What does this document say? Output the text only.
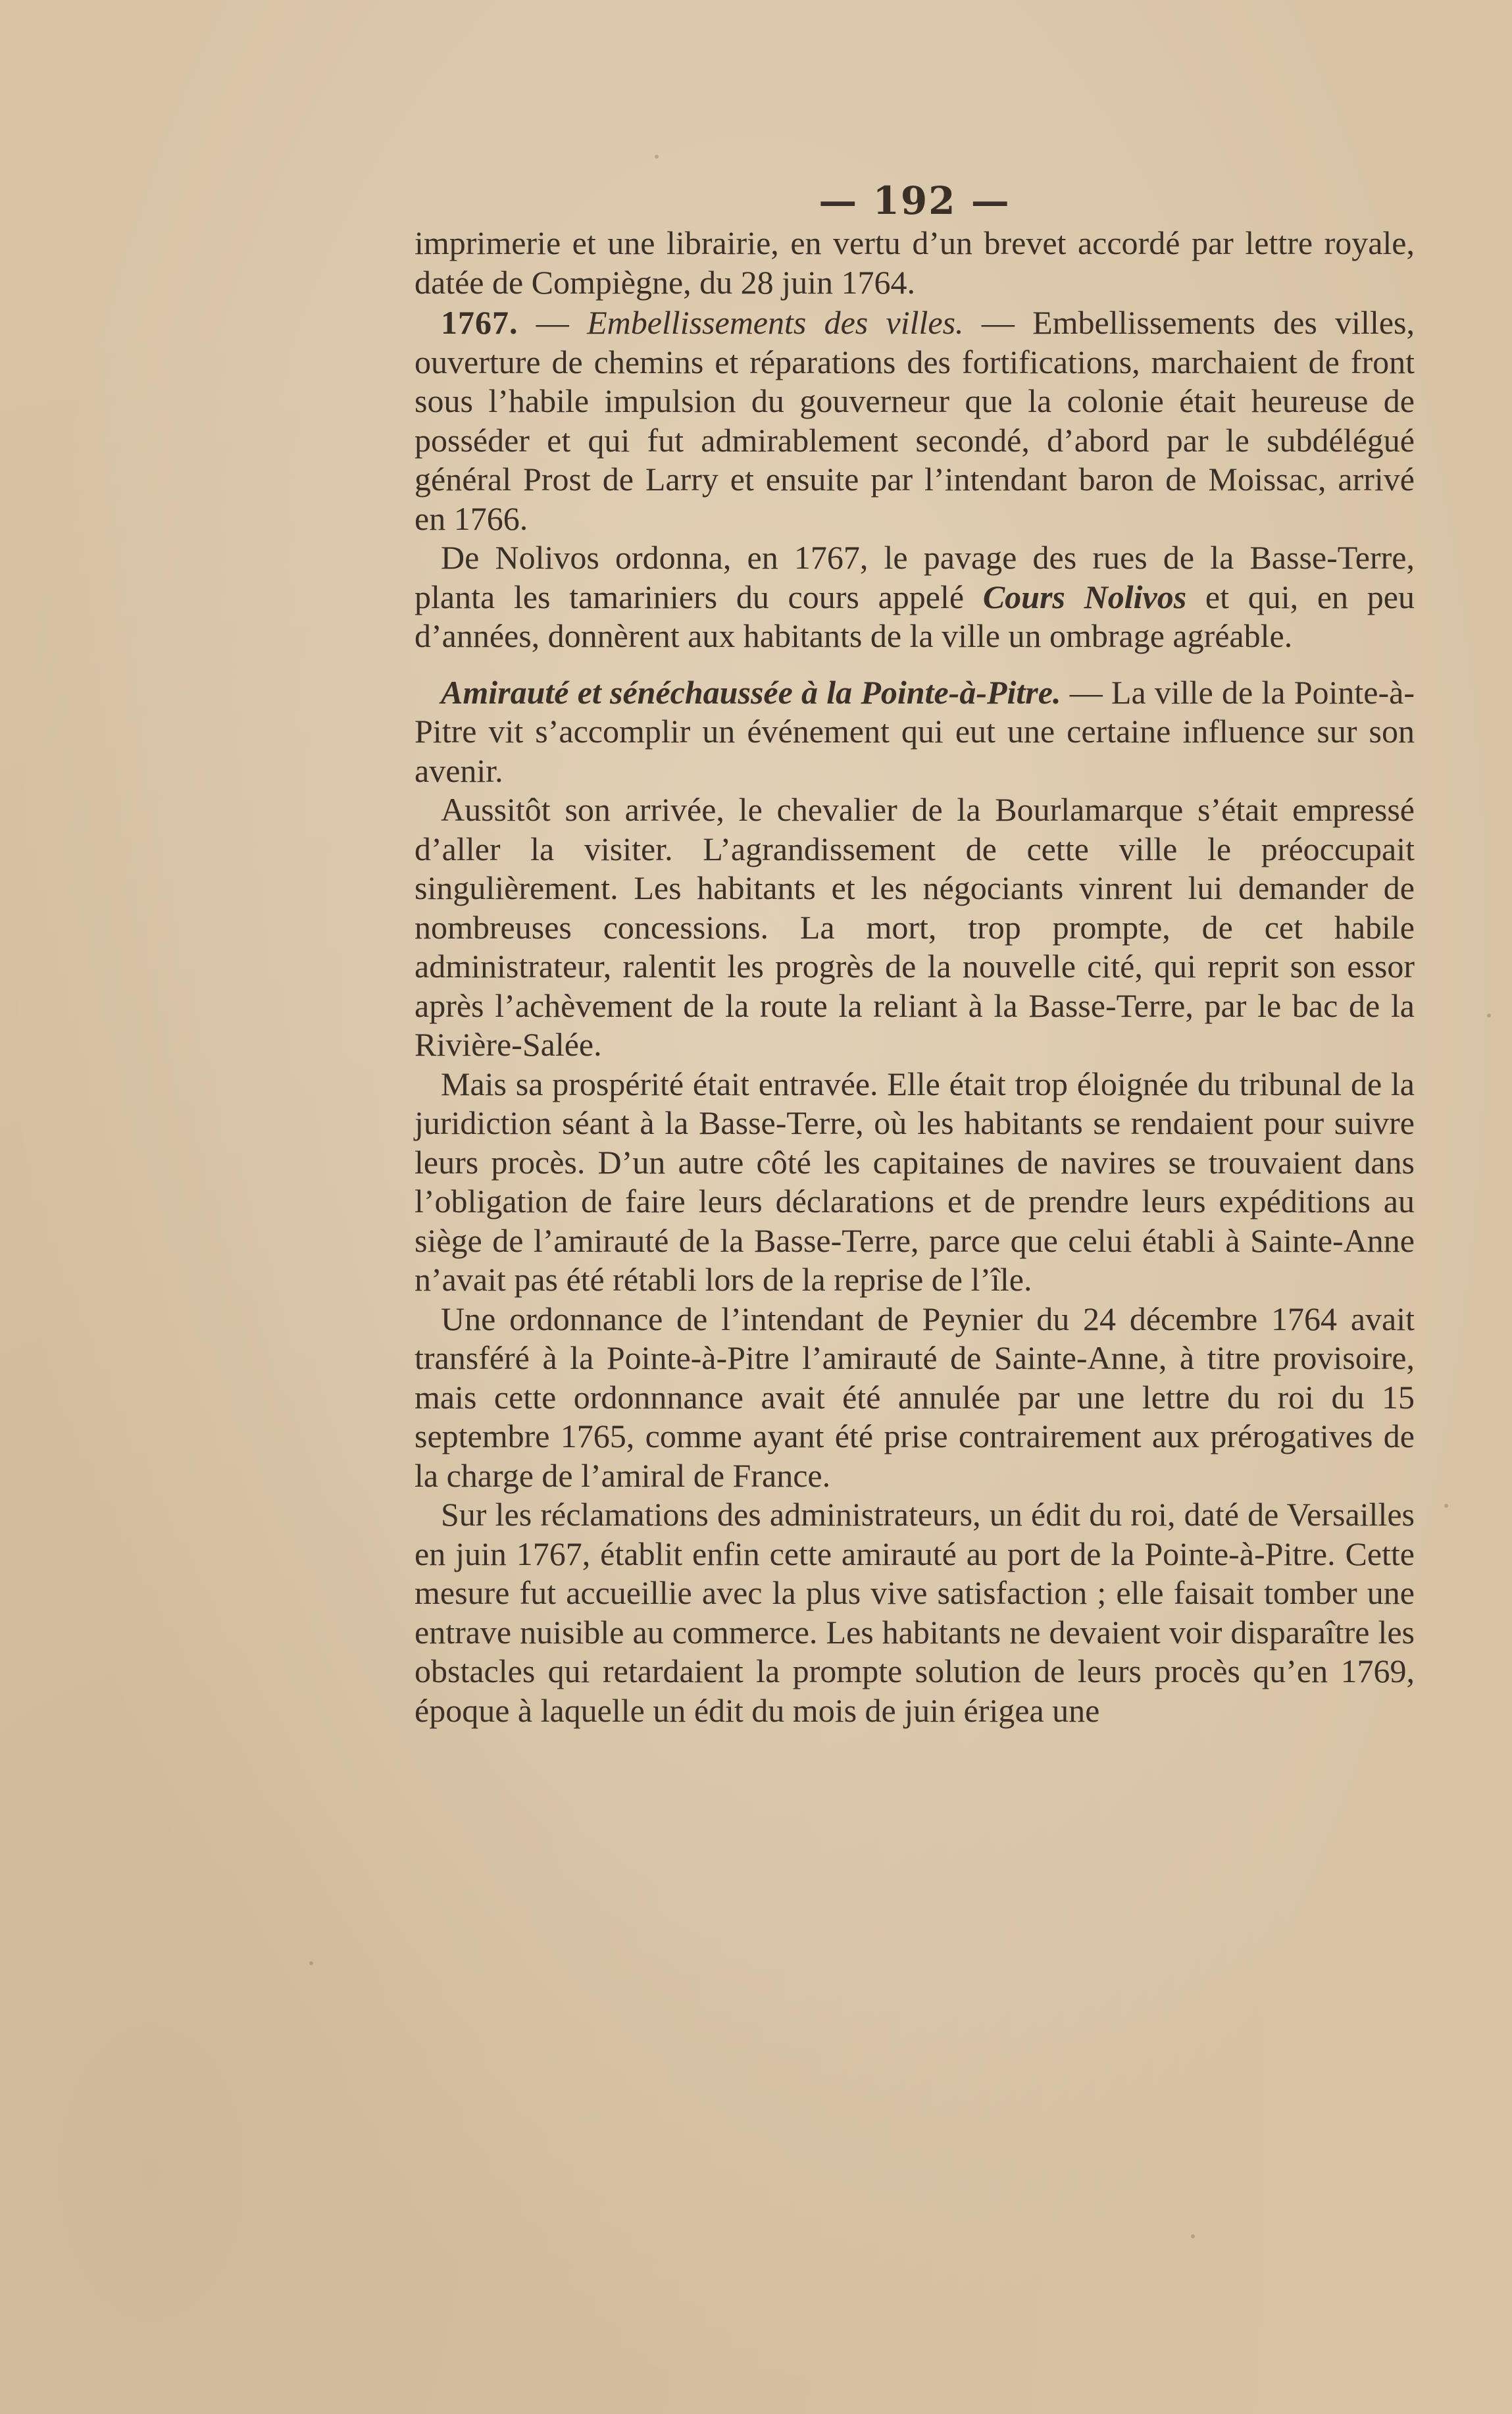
— 192 —

imprimerie et une librairie, en vertu d’un brevet accordé par lettre royale, datée de Compiègne, du 28 juin 1764.

1767. — Embellissements des villes. — Embellissements des villes, ouverture de chemins et réparations des fortifications, marchaient de front sous l’habile impulsion du gouverneur que la colonie était heureuse de posséder et qui fut admirablement secondé, d’abord par le subdélégué général Prost de Larry et ensuite par l’intendant baron de Moissac, arrivé en 1766.

De Nolivos ordonna, en 1767, le pavage des rues de la Basse-Terre, planta les tamariniers du cours appelé Cours Nolivos et qui, en peu d’années, donnèrent aux habitants de la ville un ombrage agréable.

Amirauté et sénéchaussée à la Pointe-à-Pitre. — La ville de la Pointe-à-Pitre vit s’accomplir un événement qui eut une certaine influence sur son avenir.

Aussitôt son arrivée, le chevalier de la Bourlamarque s’était empressé d’aller la visiter. L’agrandissement de cette ville le préoccupait singulièrement. Les habitants et les négociants vinrent lui demander de nombreuses concessions. La mort, trop prompte, de cet habile administrateur, ralentit les progrès de la nouvelle cité, qui reprit son essor après l’achèvement de la route la reliant à la Basse-Terre, par le bac de la Rivière-Salée.

Mais sa prospérité était entravée. Elle était trop éloignée du tribunal de la juridiction séant à la Basse-Terre, où les habitants se rendaient pour suivre leurs procès. D’un autre côté les capitaines de navires se trouvaient dans l’obligation de faire leurs déclarations et de prendre leurs expéditions au siège de l’amirauté de la Basse-Terre, parce que celui établi à Sainte-Anne n’avait pas été rétabli lors de la reprise de l’île.

Une ordonnance de l’intendant de Peynier du 24 décembre 1764 avait transféré à la Pointe-à-Pitre l’amirauté de Sainte-Anne, à titre provisoire, mais cette ordonnnance avait été annulée par une lettre du roi du 15 septembre 1765, comme ayant été prise contrairement aux prérogatives de la charge de l’amiral de France.

Sur les réclamations des administrateurs, un édit du roi, daté de Versailles en juin 1767, établit enfin cette amirauté au port de la Pointe-à-Pitre. Cette mesure fut accueillie avec la plus vive satisfaction ; elle faisait tomber une entrave nuisible au commerce. Les habitants ne devaient voir disparaître les obstacles qui retardaient la prompte solution de leurs procès qu’en 1769, époque à laquelle un édit du mois de juin érigea une
